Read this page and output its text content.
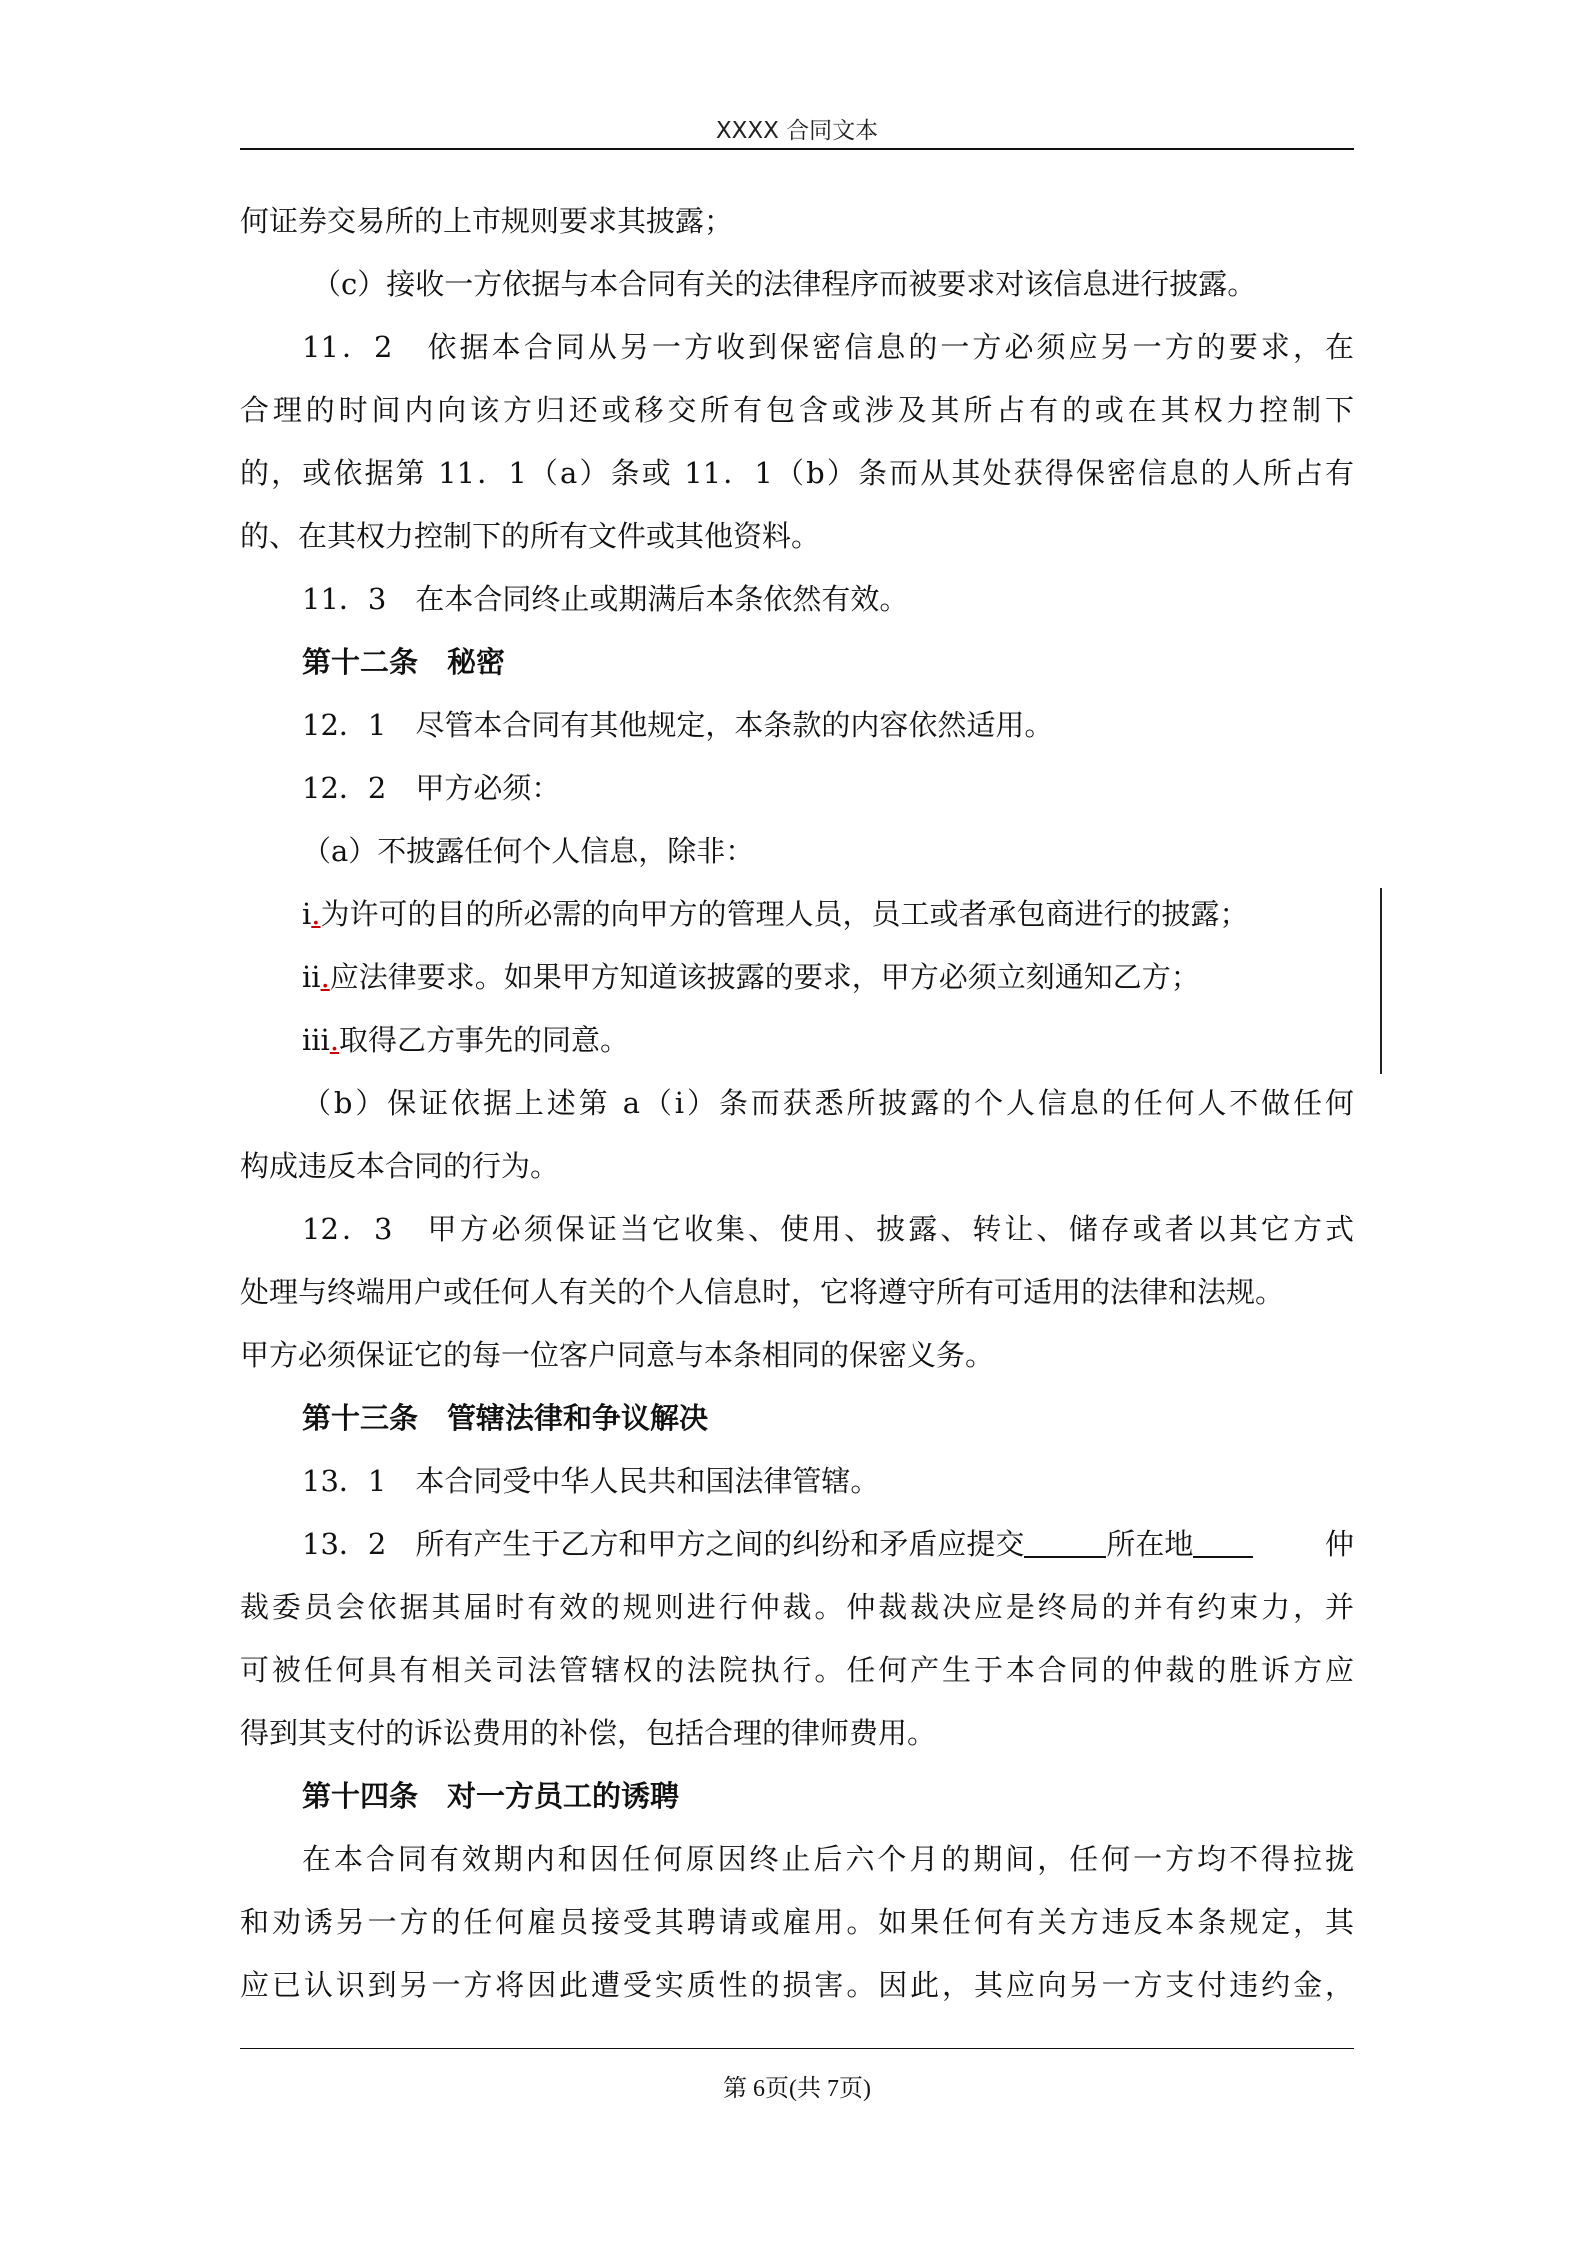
XXXX 合同文本
何证券交易所的上市规则要求其披露；
（c）接收一方依据与本合同有关的法律程序而被要求对该信息进行披露。
11．2　依据本合同从另一方收到保密信息的一方必须应另一方的要求，在
合理的时间内向该方归还或移交所有包含或涉及其所占有的或在其权力控制下
的，或依据第 11．1（a）条或 11．1（b）条而从其处获得保密信息的人所占有
的、在其权力控制下的所有文件或其他资料。
11．3　在本合同终止或期满后本条依然有效。
第十二条　秘密
12．1　尽管本合同有其他规定，本条款的内容依然适用。
12．2　甲方必须：
（a）不披露任何个人信息，除非：
i.为许可的目的所必需的向甲方的管理人员，员工或者承包商进行的披露；
ii.应法律要求。如果甲方知道该披露的要求，甲方必须立刻通知乙方；
iii.取得乙方事先的同意。
（b）保证依据上述第 a（i）条而获悉所披露的个人信息的任何人不做任何
构成违反本合同的行为。
12．3　甲方必须保证当它收集、使用、披露、转让、储存或者以其它方式
处理与终端用户或任何人有关的个人信息时，它将遵守所有可适用的法律和法规。
甲方必须保证它的每一位客户同意与本条相同的保密义务。
第十三条　管辖法律和争议解决
13．1　本合同受中华人民共和国法律管辖。
13．2　所有产生于乙方和甲方之间的纠纷和矛盾应提交	所在地	仲
裁委员会依据其届时有效的规则进行仲裁。仲裁裁决应是终局的并有约束力，并
可被任何具有相关司法管辖权的法院执行。任何产生于本合同的仲裁的胜诉方应
得到其支付的诉讼费用的补偿，包括合理的律师费用。
第十四条　对一方员工的诱聘
在本合同有效期内和因任何原因终止后六个月的期间，任何一方均不得拉拢
和劝诱另一方的任何雇员接受其聘请或雇用。如果任何有关方违反本条规定，其
应已认识到另一方将因此遭受实质性的损害。因此，其应向另一方支付违约金，
第 6页(共 7页)
